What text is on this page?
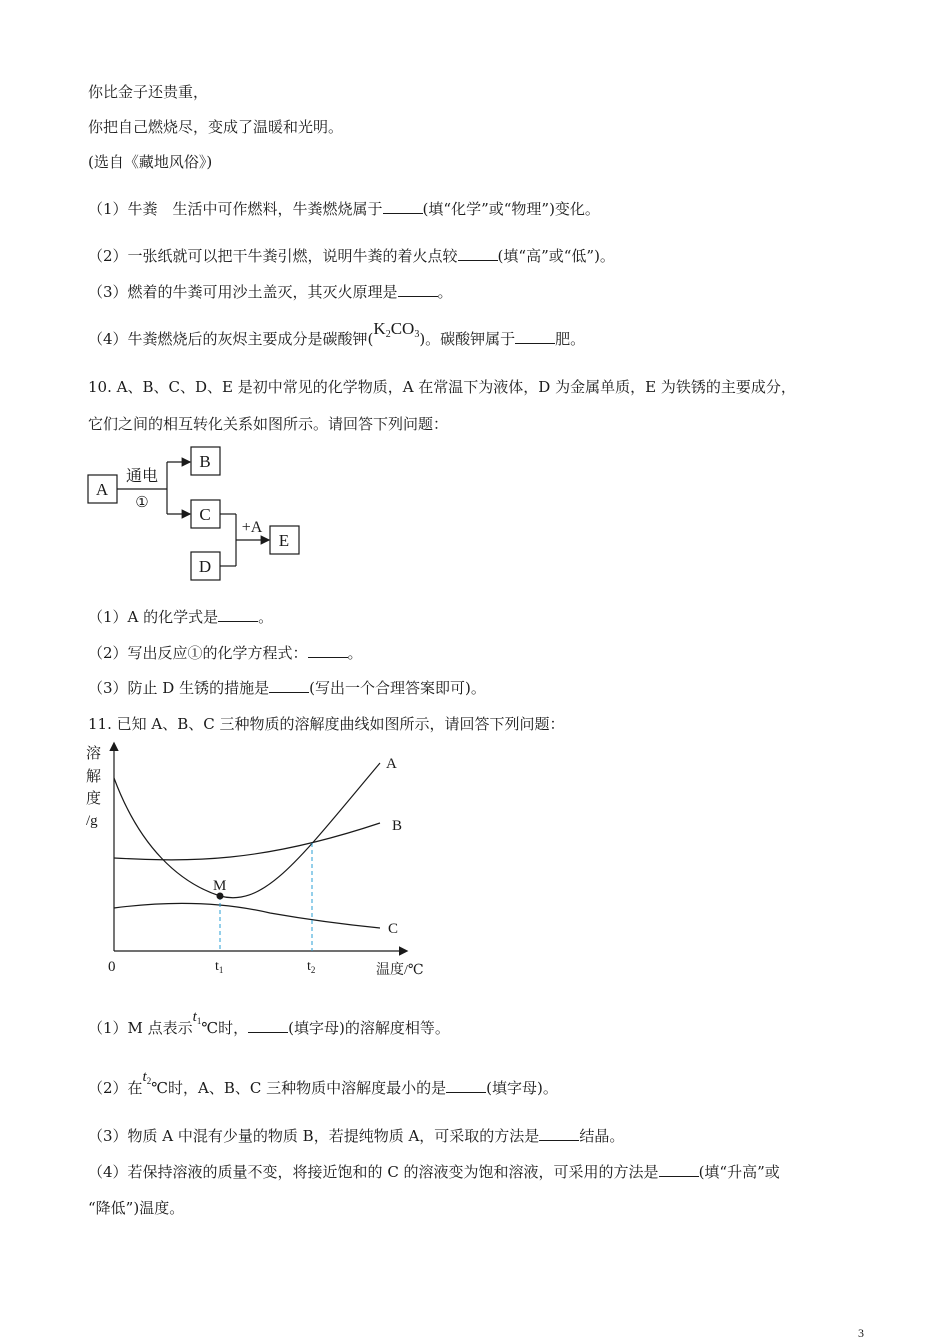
你比金子还贵重，
你把自己燃烧尽，变成了温暖和光明。
(选自《藏地风俗》)
（1）牛粪　生活中可作燃料，牛粪燃烧属于	(填“化学”或“物理”)变化。
（2）一张纸就可以把干牛粪引燃，说明牛粪的着火点较	(填“高”或“低”)。
（3）燃着的牛粪可用沙土盖灭，其灭火原理是	。
（4）牛粪燃烧后的灰烬主要成分是碳酸钾$(K_2CO_3)$。碳酸钾属于	肥。
10. A、B、C、D、E 是初中常见的化学物质，A 在常温下为液体，D 为金属单质，E 为铁锈的主要成分，
它们之间的相互转化关系如图所示。请回答下列问题：
A
B
C
D
E
通电
①
+A
（1）A 的化学式是	。
（2）写出反应①的化学方程式：	。
（3）防止 D 生锈的措施是	(写出一个合理答案即可)。
11. 已知 A、B、C 三种物质的溶解度曲线如图所示，请回答下列问题：
溶
解
度
/g
0
A
B
C
M
温度/℃
$t_1$	$t_2$
（1）M 点表示$t_1℃$时，	(填字母)的溶解度相等。
（2）在$t_2℃$时，A、B、C 三种物质中溶解度最小的是	(填字母)。
（3）物质 A 中混有少量的物质 B，若提纯物质 A，可采取的方法是	结晶。
（4）若保持溶液的质量不变，将接近饱和的 C 的溶液变为饱和溶液，可采用的方法是	(填“升高”或
“降低”)温度。
3
